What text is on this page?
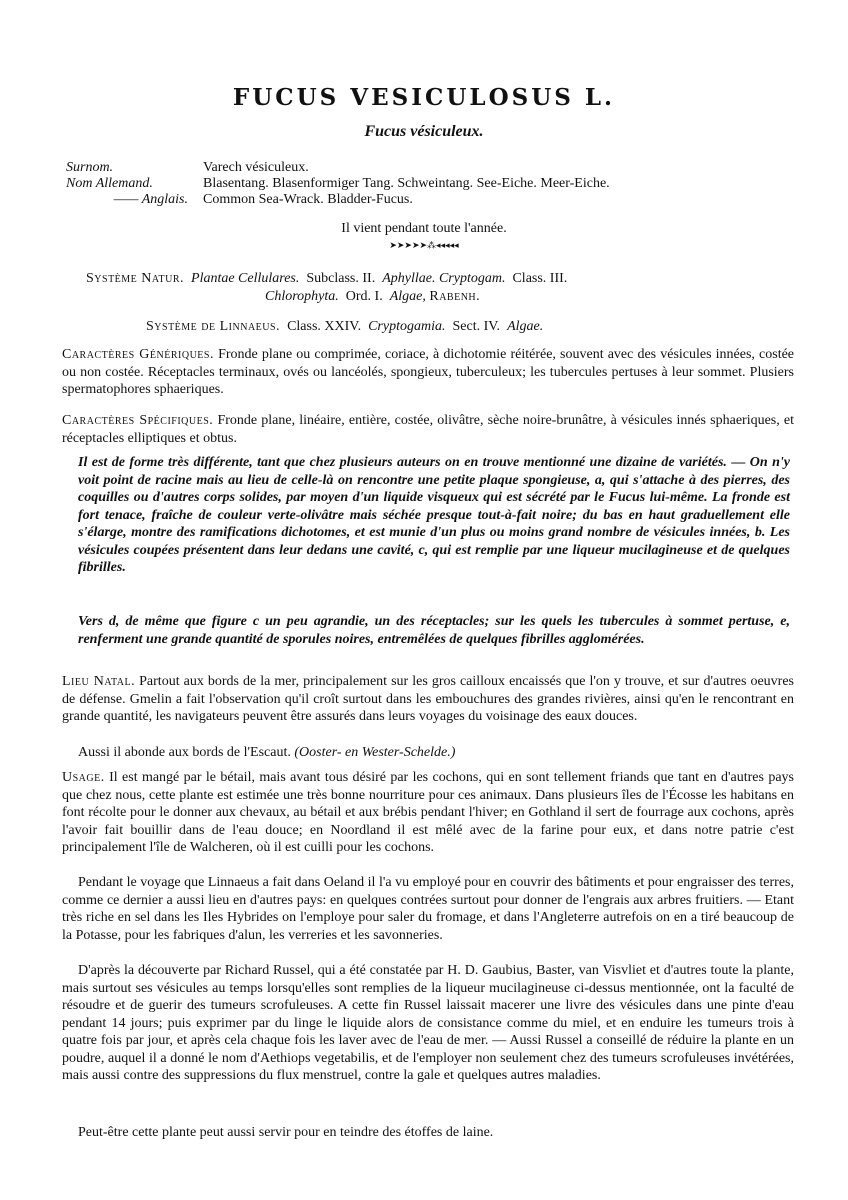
FUCUS VESICULOSUS L.
Fucus vésiculeux.
Surnom.	Varech vésiculeux.
Nom Allemand.	Blasentang. Blasenformiger Tang. Schweintang. See-Eiche. Meer-Eiche.
—— Anglais. Common Sea-Wrack. Bladder-Fucus.
Il vient pendant toute l'année.
➤➤➤➤➤⁂◂◂◂◂◂
Système Natur. Plantae Cellulares. Subclass. II. Aphyllae. Cryptogam. Class. III.
Chlorophyta. Ord. I. Algae, Rabenh.
Système de Linnaeus. Class. XXIV. Cryptogamia. Sect. IV. Algae.

Caractères Génériques. Fronde plane ou comprimée, coriace, à dichotomie réitérée, souvent avec des vésicules innées, costée ou non costée. Réceptacles terminaux, ovés ou lancéolés, spongieux, tuberculeux; les tubercules pertuses à leur sommet. Plusiers spermatophores sphaeriques.

Caractères Spécifiques. Fronde plane, linéaire, entière, costée, olivâtre, sèche noire-brunâtre, à vésicules innés sphaeriques, et réceptacles elliptiques et obtus.

Il est de forme très différente, tant que chez plusieurs auteurs on en trouve mentionné une dizaine de variétés. — On n'y voit point de racine mais au lieu de celle-là on rencontre une petite plaque spongieuse, a, qui s'attache à des pierres, des coquilles ou d'autres corps solides, par moyen d'un liquide visqueux qui est sécrété par le Fucus lui-même. La fronde est fort tenace, fraîche de couleur verte-olivâtre mais séchée presque tout-à-fait noire; du bas en haut graduellement elle s'élarge, montre des ramifications dichotomes, et est munie d'un plus ou moins grand nombre de vésicules innées, b. Les vésicules coupées présentent dans leur dedans une cavité, c, qui est remplie par une liqueur mucilagineuse et de quelques fibrilles.

Vers d, de même que figure c un peu agrandie, un des réceptacles; sur les quels les tubercules à sommet pertuse, e, renferment une grande quantité de sporules noires, entremêlées de quelques fibrilles agglomérées.

Lieu Natal. Partout aux bords de la mer, principalement sur les gros cailloux encaissés que l'on y trouve, et sur d'autres oeuvres de défense. Gmelin a fait l'observation qu'il croît surtout dans les embouchures des grandes rivières, ainsi qu'en le rencontrant en grande quantité, les navigateurs peuvent être assurés dans leurs voyages du voisinage des eaux douces.

Aussi il abonde aux bords de l'Escaut. (Ooster- en Wester-Schelde.)

Usage. Il est mangé par le bétail, mais avant tous désiré par les cochons, qui en sont tellement friands que tant en d'autres pays que chez nous, cette plante est estimée une très bonne nourriture pour ces animaux. Dans plusieurs îles de l'Écosse les habitans en font récolte pour le donner aux chevaux, au bétail et aux brébis pendant l'hiver; en Gothland il sert de fourrage aux cochons, après l'avoir fait bouillir dans de l'eau douce; en Noordland il est mêlé avec de la farine pour eux, et dans notre patrie c'est principalement l'île de Walcheren, où il est cuilli pour les cochons.

Pendant le voyage que Linnaeus a fait dans Oeland il l'a vu employé pour en couvrir des bâtiments et pour engraisser des terres, comme ce dernier a aussi lieu en d'autres pays: en quelques contrées surtout pour donner de l'engrais aux arbres fruitiers. — Etant très riche en sel dans les Iles Hybrides on l'employe pour saler du fromage, et dans l'Angleterre autrefois on en a tiré beaucoup de la Potasse, pour les fabriques d'alun, les verreries et les savonneries.

D'après la découverte par Richard Russel, qui a été constatée par H. D. Gaubius, Baster, van Visvliet et d'autres toute la plante, mais surtout ses vésicules au temps lorsqu'elles sont remplies de la liqueur mucilagineuse ci-dessus mentionnée, ont la faculté de résoudre et de guerir des tumeurs scrofuleuses. A cette fin Russel laissait macerer une livre des vésicules dans une pinte d'eau pendant 14 jours; puis exprimer par du linge le liquide alors de consistance comme du miel, et en enduire les tumeurs trois à quatre fois par jour, et après cela chaque fois les laver avec de l'eau de mer. — Aussi Russel a conseillé de réduire la plante en un poudre, auquel il a donné le nom d'Aethiops vegetabilis, et de l'employer non seulement chez des tumeurs scrofuleuses invétérées, mais aussi contre des suppressions du flux menstruel, contre la gale et quelques autres maladies.

Peut-être cette plante peut aussi servir pour en teindre des étoffes de laine.
